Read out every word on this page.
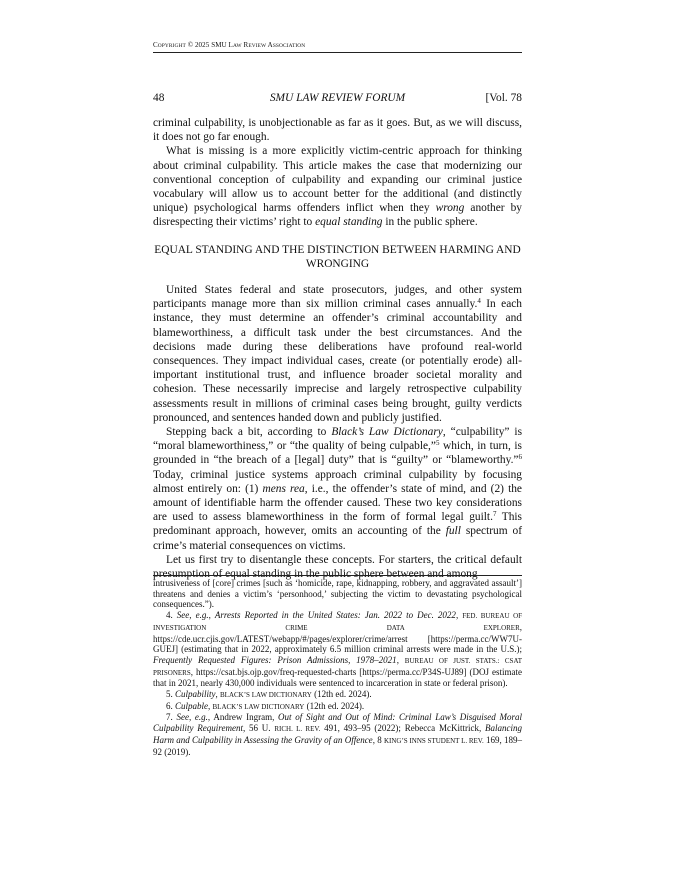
COPYRIGHT © 2025 SMU LAW REVIEW ASSOCIATION
48	SMU LAW REVIEW FORUM	[Vol. 78

criminal culpability, is unobjectionable as far as it goes. But, as we will discuss, it does not go far enough.

What is missing is a more explicitly victim-centric approach for thinking about criminal culpability. This article makes the case that modernizing our conventional conception of culpability and expanding our criminal justice vocabulary will allow us to account better for the additional (and distinctly unique) psychological harms offenders inflict when they wrong another by disrespecting their victims’ right to equal standing in the public sphere.

EQUAL STANDING AND THE DISTINCTION BETWEEN HARMING AND WRONGING

United States federal and state prosecutors, judges, and other system participants manage more than six million criminal cases annually.$^4$ In each instance, they must determine an offender’s criminal accountability and blameworthiness, a difficult task under the best circumstances. And the decisions made during these deliberations have profound real-world consequences. They impact individual cases, create (or potentially erode) all-important institutional trust, and influence broader societal morality and cohesion. These necessarily imprecise and largely retrospective culpability assessments result in millions of criminal cases being brought, guilty verdicts pronounced, and sentences handed down and publicly justified.

Stepping back a bit, according to Black’s Law Dictionary, “culpability” is “moral blameworthiness,” or “the quality of being culpable,”$^5$ which, in turn, is grounded in “the breach of a [legal] duty” that is “guilty” or “blameworthy.”$^6$ Today, criminal justice systems approach criminal culpability by focusing almost entirely on: (1) mens rea, i.e., the offender’s state of mind, and (2) the amount of identifiable harm the offender caused. These two key considerations are used to assess blameworthiness in the form of formal legal guilt.$^7$ This predominant approach, however, omits an accounting of the full spectrum of crime’s material consequences on victims.

Let us first try to disentangle these concepts. For starters, the critical default presumption of equal standing in the public sphere between and among

intrusiveness of [core] crimes [such as ‘homicide, rape, kidnapping, robbery, and aggravated assault’] threatens and denies a victim’s ‘personhood,’ subjecting the victim to devastating psychological consequences.”).

4. See, e.g., Arrests Reported in the United States: Jan. 2022 to Dec. 2022, FED. BUREAU OF INVESTIGATION CRIME DATA EXPLORER, https://cde.ucr.cjis.gov/LATEST/webapp/#/pages/explorer/crime/arrest [https://perma.cc/WW7U-GUEJ] (estimating that in 2022, approximately 6.5 million criminal arrests were made in the U.S.); Frequently Requested Figures: Prison Admissions, 1978–2021, BUREAU OF JUST. STATS.: CSAT PRISONERS, https://csat.bjs.ojp.gov/freq-requested-charts [https://perma.cc/P34S-UJ89] (DOJ estimate that in 2021, nearly 430,000 individuals were sentenced to incarceration in state or federal prison).

5. Culpability, BLACK’S LAW DICTIONARY (12th ed. 2024).

6. Culpable, BLACK’S LAW DICTIONARY (12th ed. 2024).

7. See, e.g., Andrew Ingram, Out of Sight and Out of Mind: Criminal Law’s Disguised Moral Culpability Requirement, 56 U. RICH. L. REV. 491, 493–95 (2022); Rebecca McKittrick, Balancing Harm and Culpability in Assessing the Gravity of an Offence, 8 KING’S INNS STUDENT L. REV. 169, 189–92 (2019).
